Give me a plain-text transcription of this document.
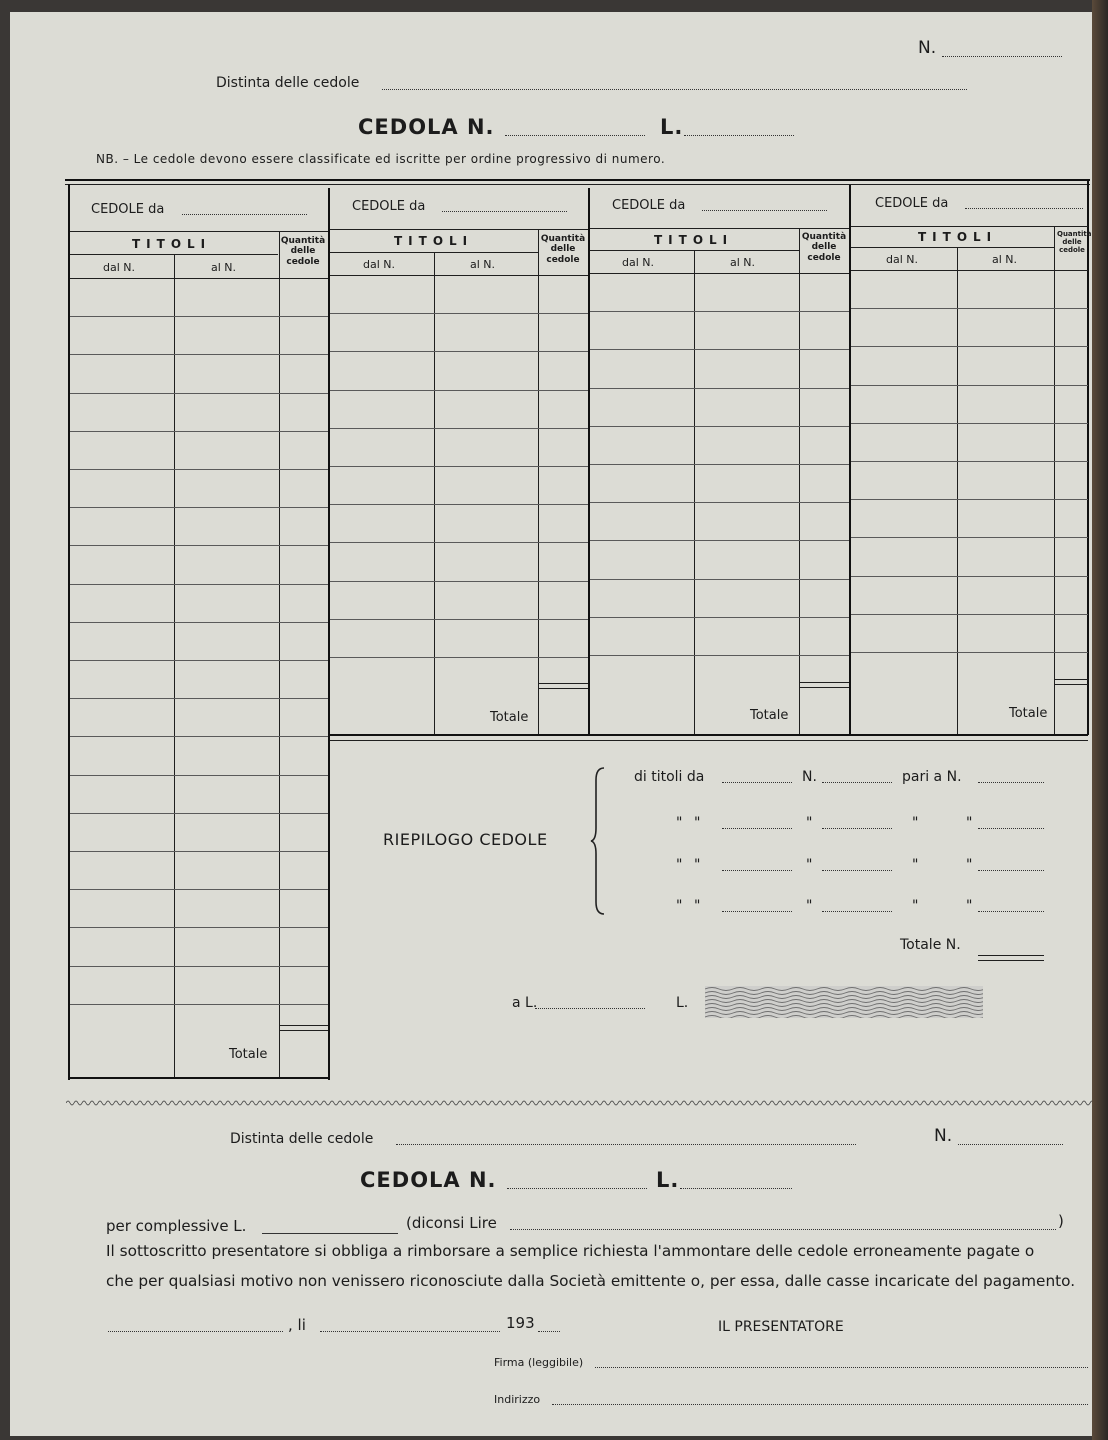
N.
Distinta delle cedole
CEDOLA N.	L.
NB. – Le cedole devono essere classificate ed iscritte per ordine progressivo di numero.
CEDOLE da
TITOLI
dal N.	al N.
Quantità delle cedole
Totale
CEDOLE da
TITOLI
dal N.	al N.
Quantità delle cedole
Totale
CEDOLE da
TITOLI
dal N.	al N.
Quantità delle cedole
Totale
CEDOLE da
TITOLI
dal N.	al N.
Quantità delle cedole
Totale
RIEPILOGO CEDOLE
di titoli da	N.	pari a N.
" "	"	"	"
" "	"	"	"
" "	"	"	"
Totale N.
a L.	L.
Distinta delle cedole	N.
CEDOLA N.	L.
per complessive L.	(diconsi Lire	)
Il sottoscritto presentatore si obbliga a rimborsare a semplice richiesta l'ammontare delle cedole erroneamente pagate o
che per qualsiasi motivo non venissero riconosciute dalla Società emittente o, per essa, dalle casse incaricate del pagamento.
, li	193	IL PRESENTATORE
Firma (leggibile)
Indirizzo
